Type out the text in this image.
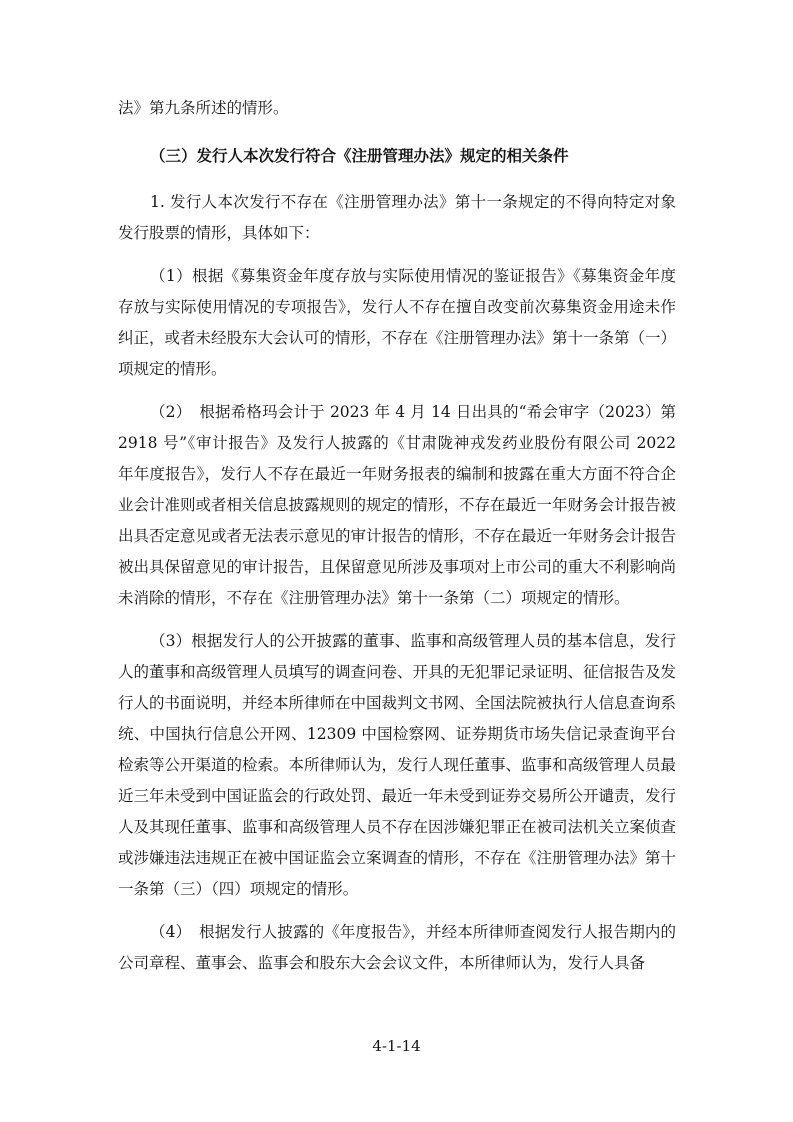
法》第九条所述的情形。

（三）发行人本次发行符合《注册管理办法》规定的相关条件

1. 发行人本次发行不存在《注册管理办法》第十一条规定的不得向特定对象发行股票的情形，具体如下：

（1）根据《募集资金年度存放与实际使用情况的鉴证报告》《募集资金年度存放与实际使用情况的专项报告》，发行人不存在擅自改变前次募集资金用途未作纠正，或者未经股东大会认可的情形，不存在《注册管理办法》第十一条第（一）项规定的情形。

（2）　根据希格玛会计于 2023 年 4 月 14 日出具的“希会审字（2023）第 2918 号”《审计报告》及发行人披露的《甘肃陇神戎发药业股份有限公司 2022 年年度报告》，发行人不存在最近一年财务报表的编制和披露在重大方面不符合企业会计准则或者相关信息披露规则的规定的情形，不存在最近一年财务会计报告被出具否定意见或者无法表示意见的审计报告的情形，不存在最近一年财务会计报告被出具保留意见的审计报告，且保留意见所涉及事项对上市公司的重大不利影响尚未消除的情形，不存在《注册管理办法》第十一条第（二）项规定的情形。

（3）根据发行人的公开披露的董事、监事和高级管理人员的基本信息，发行人的董事和高级管理人员填写的调查问卷、开具的无犯罪记录证明、征信报告及发行人的书面说明，并经本所律师在中国裁判文书网、全国法院被执行人信息查询系统、中国执行信息公开网、12309 中国检察网、证券期货市场失信记录查询平台检索等公开渠道的检索。本所律师认为，发行人现任董事、监事和高级管理人员最近三年未受到中国证监会的行政处罚、最近一年未受到证券交易所公开谴责，发行人及其现任董事、监事和高级管理人员不存在因涉嫌犯罪正在被司法机关立案侦查或涉嫌违法违规正在被中国证监会立案调查的情形，不存在《注册管理办法》第十一条第（三）（四）项规定的情形。

（4）　根据发行人披露的《年度报告》，并经本所律师查阅发行人报告期内的公司章程、董事会、监事会和股东大会会议文件，本所律师认为，发行人具备

4-1-14
